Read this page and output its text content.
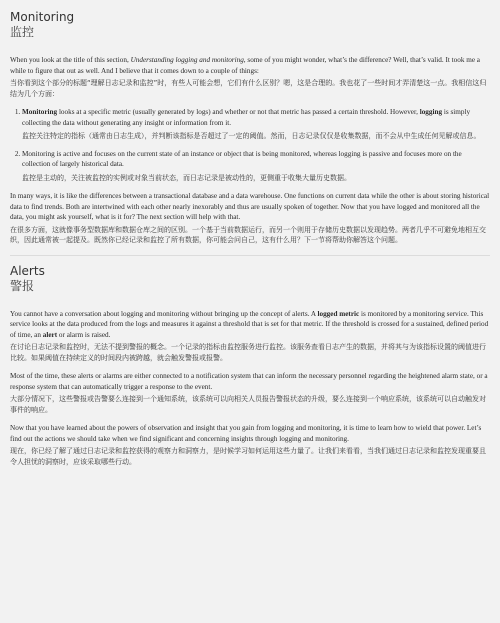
Monitoring
监控

When you look at the title of this section, Understanding logging and monitoring, some of you might wonder, what’s the difference? Well, that’s valid. It took me a while to figure that out as well. And I believe that it comes down to a couple of things:

当你看到这个部分的标题“理解日志记录和监控”时，有些人可能会想，它们有什么区别？嗯，这是合理的。我也花了一些时间才弄清楚这一点。我相信这归结为几个方面：

1. Monitoring looks at a specific metric (usually generated by logs) and whether or not that metric has passed a certain threshold. However, logging is simply collecting the data without generating any insight or information from it.
监控关注特定的指标（通常由日志生成），并判断该指标是否超过了一定的阈值。然而，日志记录仅仅是收集数据，而不会从中生成任何见解或信息。
2. Monitoring is active and focuses on the current state of an instance or object that is being monitored, whereas logging is passive and focuses more on the collection of largely historical data.
监控是主动的，关注被监控的实例或对象当前状态，而日志记录是被动性的，更侧重于收集大量历史数据。

In many ways, it is like the differences between a transactional database and a data warehouse. One functions on current data while the other is about storing historical data to find trends. Both are intertwined with each other nearly inexorably and thus are usually spoken of together. Now that you have logged and monitored all the data, you might ask yourself, what is it for? The next section will help with that.

在很多方面，这就像事务型数据库和数据仓库之间的区别。一个基于当前数据运行，而另一个则用于存储历史数据以发现趋势。两者几乎不可避免地相互交织，因此通常被一起提及。既然你已经记录和监控了所有数据，你可能会问自己，这有什么用？下一节将帮助你解答这个问题。

Alerts
警报

You cannot have a conversation about logging and monitoring without bringing up the concept of alerts. A logged metric is monitored by a monitoring service. This service looks at the data produced from the logs and measures it against a threshold that is set for that metric. If the threshold is crossed for a sustained, defined period of time, an alert or alarm is raised.

在讨论日志记录和监控时，无法不提到警报的概念。一个记录的指标由监控服务进行监控。该服务查看日志产生的数据，并将其与为该指标设置的阈值进行比较。如果阈值在持续定义的时间段内被跨越，就会触发警报或报警。

Most of the time, these alerts or alarms are either connected to a notification system that can inform the necessary personnel regarding the heightened alarm state, or a response system that can automatically trigger a response to the event.

大部分情况下，这些警报或告警要么连接到一个通知系统，该系统可以向相关人员报告警报状态的升级，要么连接到一个响应系统，该系统可以自动触发对事件的响应。

Now that you have learned about the powers of observation and insight that you gain from logging and monitoring, it is time to learn how to wield that power. Let’s find out the actions we should take when we find significant and concerning insights through logging and monitoring.

现在，你已经了解了通过日志记录和监控获得的观察力和洞察力，是时候学习如何运用这些力量了。让我们来看看，当我们通过日志记录和监控发现重要且令人担忧的洞察时，应该采取哪些行动。
